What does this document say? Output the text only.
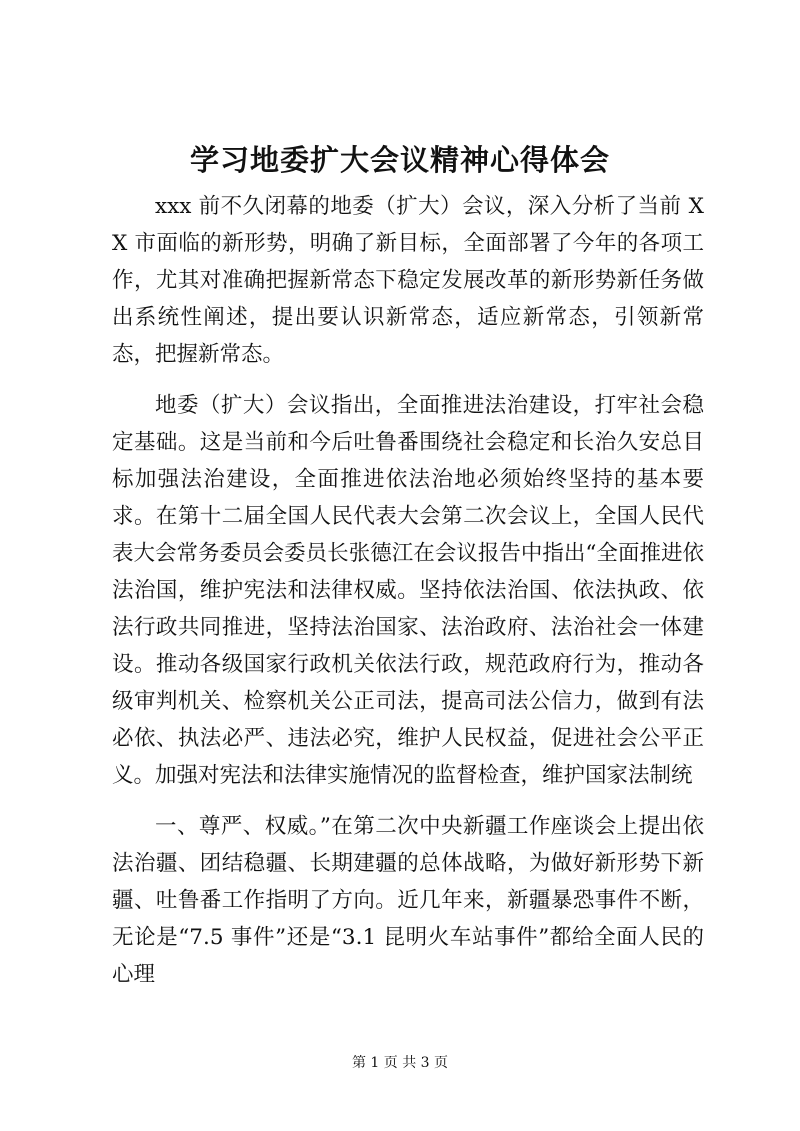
学习地委扩大会议精神心得体会

xxx 前不久闭幕的地委（扩大）会议，深入分析了当前 XX 市面临的新形势，明确了新目标，全面部署了今年的各项工作，尤其对准确把握新常态下稳定发展改革的新形势新任务做出系统性阐述，提出要认识新常态，适应新常态，引领新常态，把握新常态。

地委（扩大）会议指出，全面推进法治建设，打牢社会稳定基础。这是当前和今后吐鲁番围绕社会稳定和长治久安总目标加强法治建设，全面推进依法治地必须始终坚持的基本要求。在第十二届全国人民代表大会第二次会议上，全国人民代表大会常务委员会委员长张德江在会议报告中指出“全面推进依法治国，维护宪法和法律权威。坚持依法治国、依法执政、依法行政共同推进，坚持法治国家、法治政府、法治社会一体建设。推动各级国家行政机关依法行政，规范政府行为，推动各级审判机关、检察机关公正司法，提高司法公信力，做到有法必依、执法必严、违法必究，维护人民权益，促进社会公平正义。加强对宪法和法律实施情况的监督检查，维护国家法制统

一、尊严、权威。”在第二次中央新疆工作座谈会上提出依法治疆、团结稳疆、长期建疆的总体战略，为做好新形势下新疆、吐鲁番工作指明了方向。近几年来，新疆暴恐事件不断，无论是“7.5 事件”还是“3.1 昆明火车站事件”都给全面人民的心理

第 1 页 共 3 页
